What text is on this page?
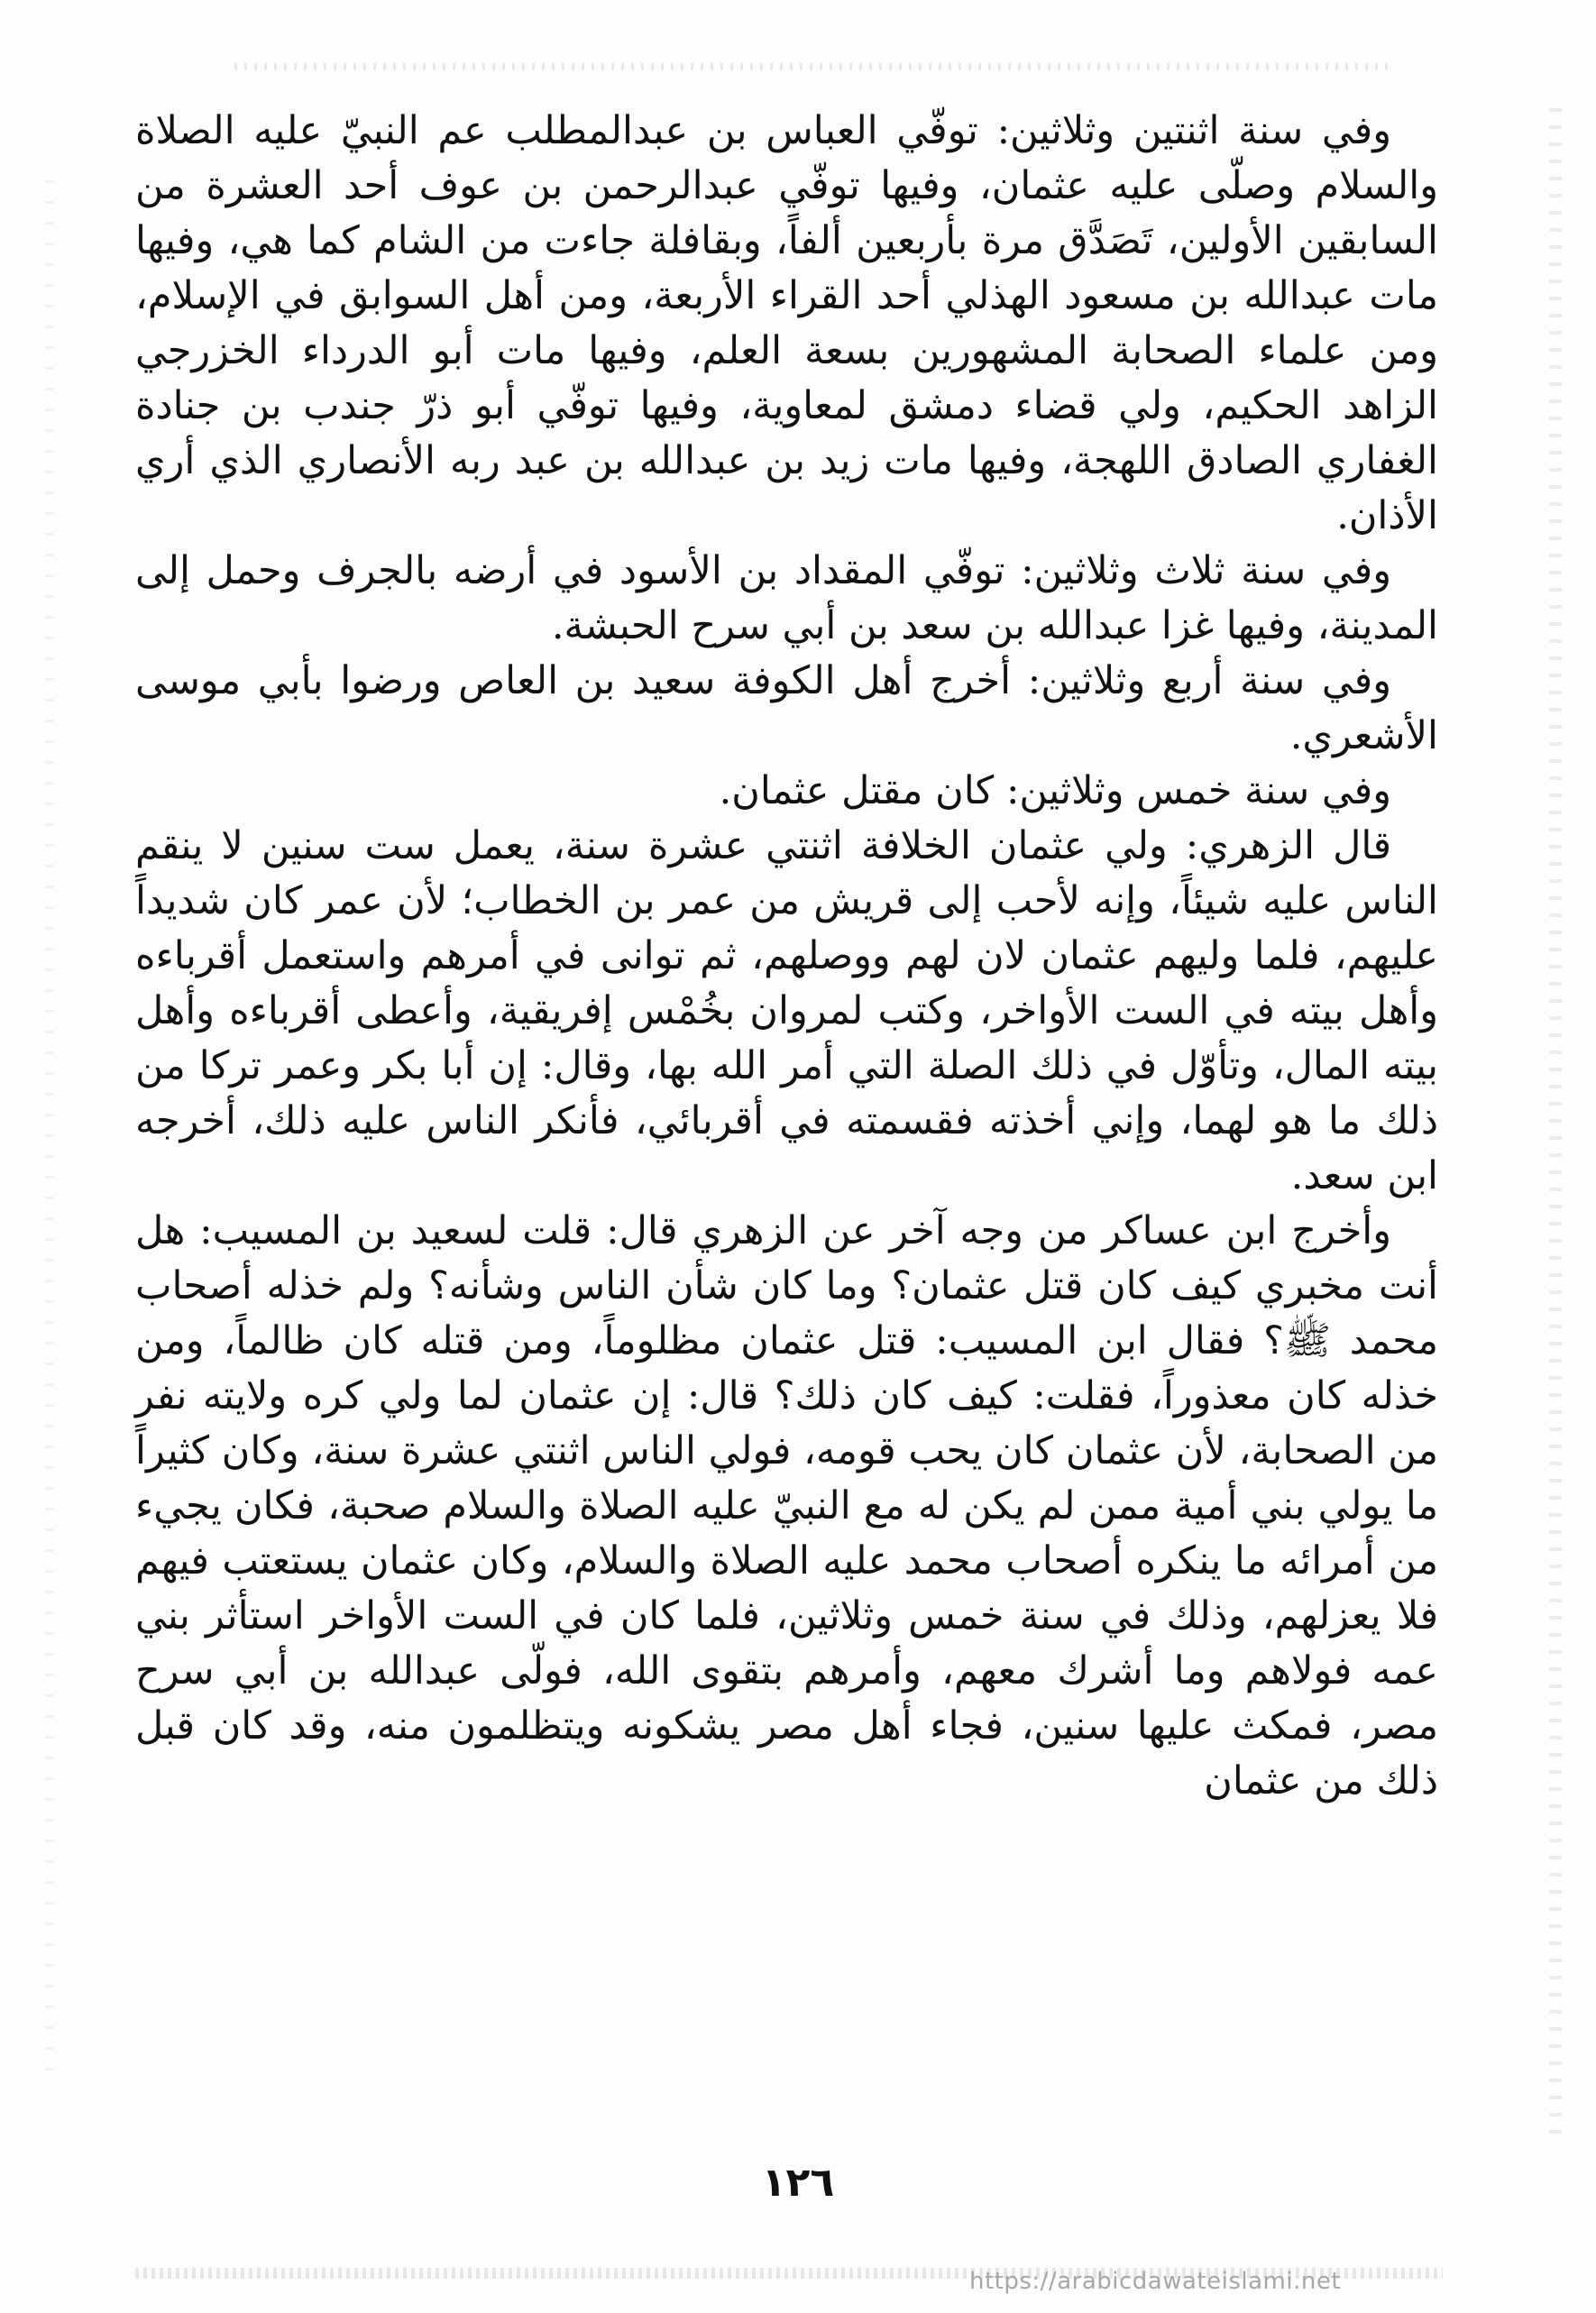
وفي سنة اثنتين وثلاثين: توفّي العباس بن عبدالمطلب عم النبيّ عليه الصلاة والسلام وصلّى عليه عثمان، وفيها توفّي عبدالرحمن بن عوف أحد العشرة من السابقين الأولين، تَصَدَّق مرة بأربعين ألفاً، وبقافلة جاءت من الشام كما هي، وفيها مات عبدالله بن مسعود الهذلي أحد القراء الأربعة، ومن أهل السوابق في الإسلام، ومن علماء الصحابة المشهورين بسعة العلم، وفيها مات أبو الدرداء الخزرجي الزاهد الحكيم، ولي قضاء دمشق لمعاوية، وفيها توفّي أبو ذرّ جندب بن جنادة الغفاري الصادق اللهجة، وفيها مات زيد بن عبدالله بن عبد ربه الأنصاري الذي أري الأذان.

وفي سنة ثلاث وثلاثين: توفّي المقداد بن الأسود في أرضه بالجرف وحمل إلى المدينة، وفيها غزا عبدالله بن سعد بن أبي سرح الحبشة.

وفي سنة أربع وثلاثين: أخرج أهل الكوفة سعيد بن العاص ورضوا بأبي موسى الأشعري.

وفي سنة خمس وثلاثين: كان مقتل عثمان.

قال الزهري: ولي عثمان الخلافة اثنتي عشرة سنة، يعمل ست سنين لا ينقم الناس عليه شيئاً، وإنه لأحب إلى قريش من عمر بن الخطاب؛ لأن عمر كان شديداً عليهم، فلما وليهم عثمان لان لهم ووصلهم، ثم توانى في أمرهم واستعمل أقرباءه وأهل بيته في الست الأواخر، وكتب لمروان بخُمْس إفريقية، وأعطى أقرباءه وأهل بيته المال، وتأوّل في ذلك الصلة التي أمر الله بها، وقال: إن أبا بكر وعمر تركا من ذلك ما هو لهما، وإني أخذته فقسمته في أقربائي، فأنكر الناس عليه ذلك، أخرجه ابن سعد.

وأخرج ابن عساكر من وجه آخر عن الزهري قال: قلت لسعيد بن المسيب: هل أنت مخبري كيف كان قتل عثمان؟ وما كان شأن الناس وشأنه؟ ولم خذله أصحاب محمد ﷺ؟ فقال ابن المسيب: قتل عثمان مظلوماً، ومن قتله كان ظالماً، ومن خذله كان معذوراً، فقلت: كيف كان ذلك؟ قال: إن عثمان لما ولي كره ولايته نفر من الصحابة، لأن عثمان كان يحب قومه، فولي الناس اثنتي عشرة سنة، وكان كثيراً ما يولي بني أمية ممن لم يكن له مع النبيّ عليه الصلاة والسلام صحبة، فكان يجيء من أمرائه ما ينكره أصحاب محمد عليه الصلاة والسلام، وكان عثمان يستعتب فيهم فلا يعزلهم، وذلك في سنة خمس وثلاثين، فلما كان في الست الأواخر استأثر بني عمه فولاهم وما أشرك معهم، وأمرهم بتقوى الله، فولّى عبدالله بن أبي سرح مصر، فمكث عليها سنين، فجاء أهل مصر يشكونه ويتظلمون منه، وقد كان قبل ذلك من عثمان

١٢٦
https://arabicdawateislami.net
